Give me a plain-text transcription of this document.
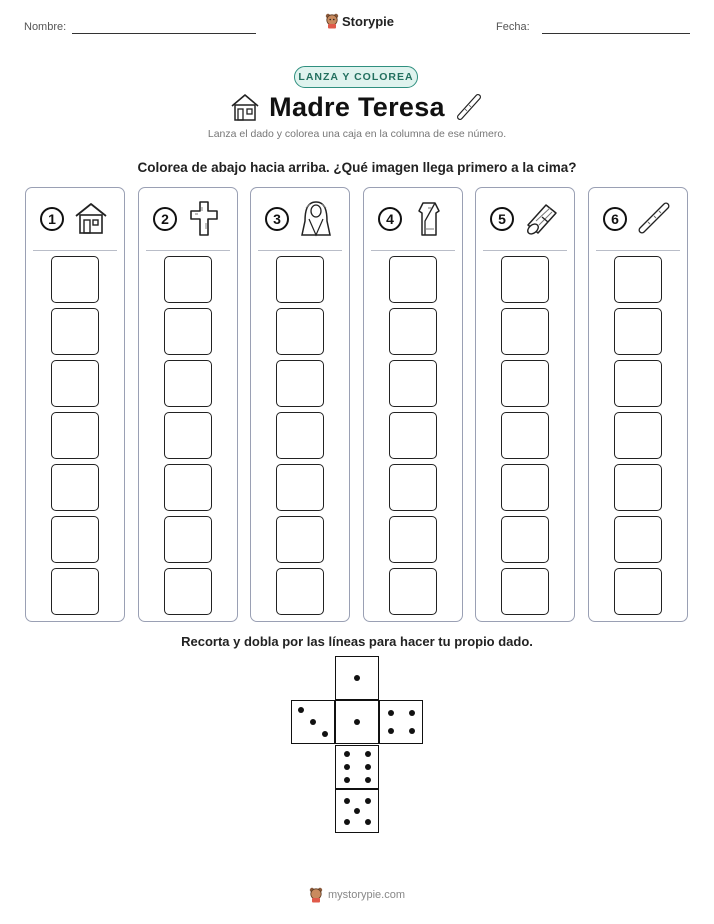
Nombre:	Storypie	Fecha:
LANZA Y COLOREA
Madre Teresa
Lanza el dado y colorea una caja en la columna de ese número.
Colorea de abajo hacia arriba. ¿Qué imagen llega primero a la cima?
1	2	3	4	5	6
Recorta y dobla por las líneas para hacer tu propio dado.
mystorypie.com
